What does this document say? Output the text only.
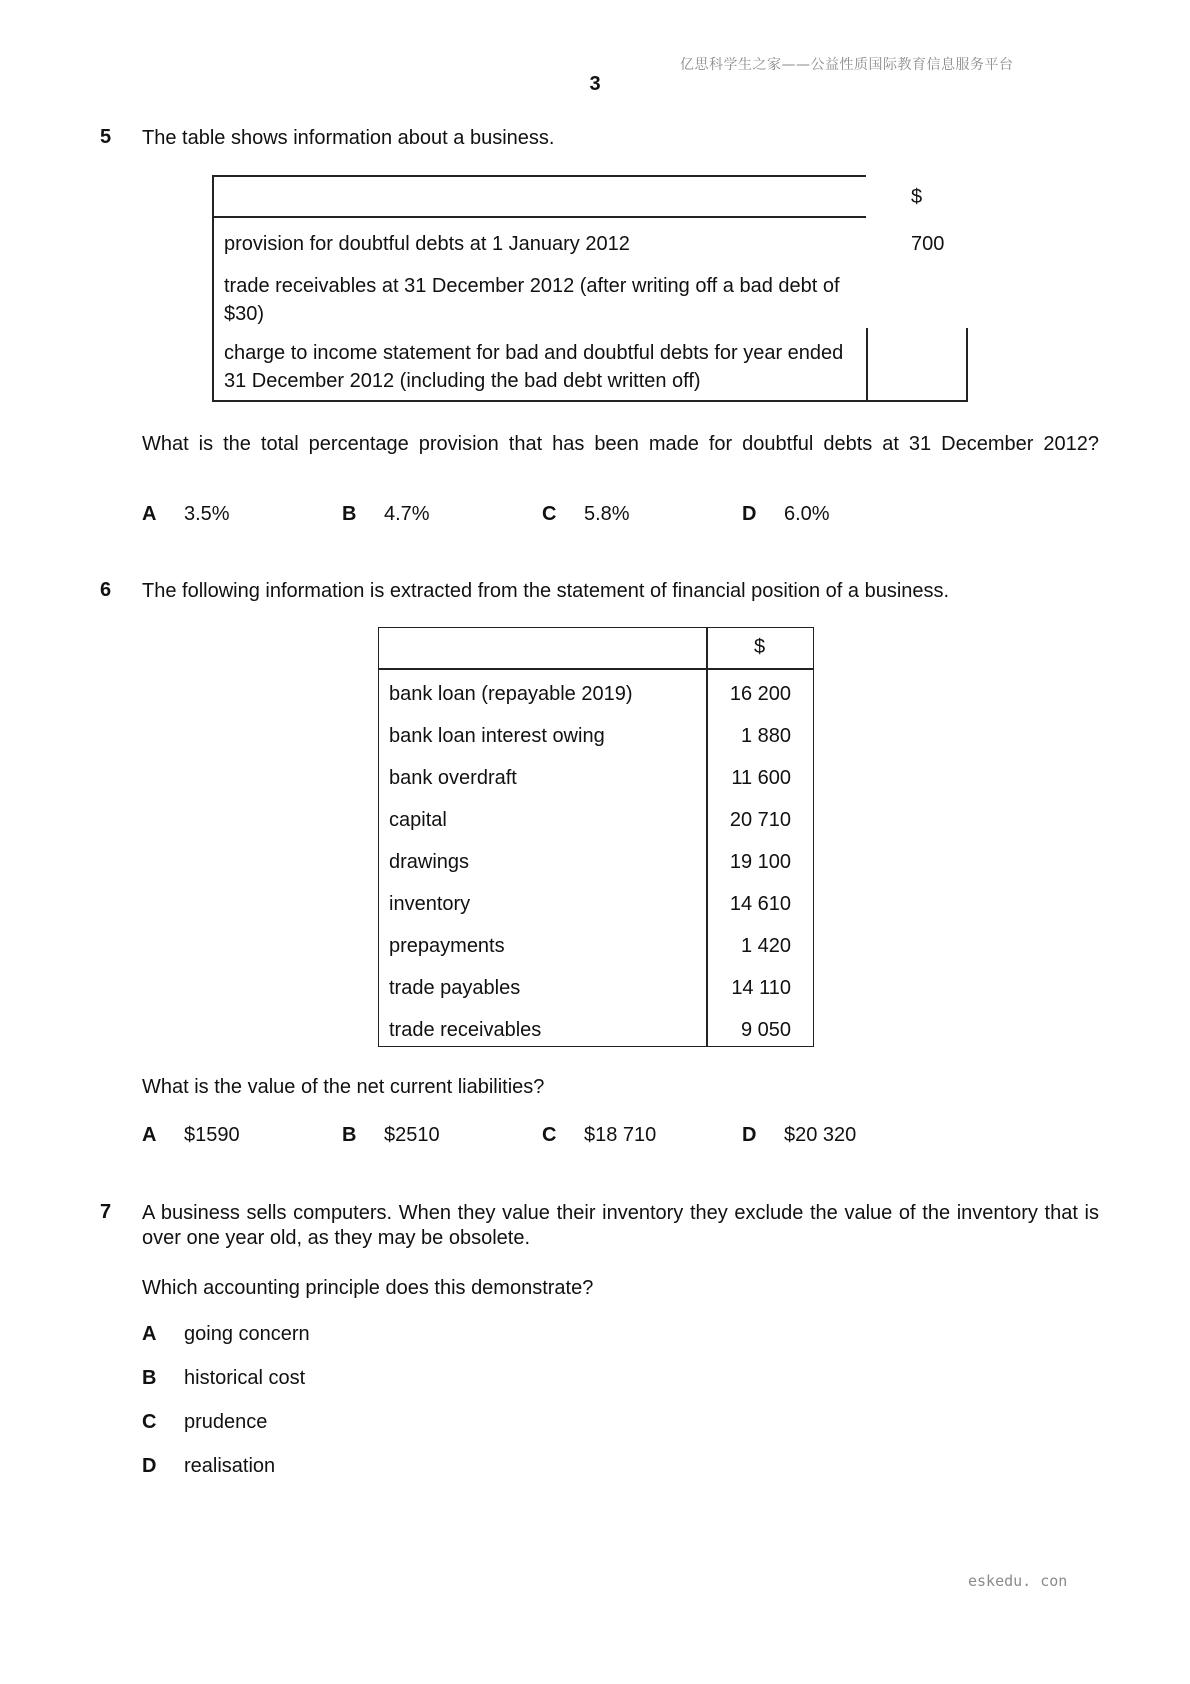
亿思科学生之家——公益性质国际教育信息服务平台
3
5 The table shows information about a business.
$
provision for doubtful debts at 1 January 2012	700
trade receivables at 31 December 2012 (after writing off a bad debt of $30)
charge to income statement for bad and doubtful debts for year ended 31 December 2012 (including the bad debt written off)
What is the total percentage provision that has been made for doubtful debts at 31 December 2012?
A 3.5%	B 4.7%	C 5.8%	D 6.0%
6 The following information is extracted from the statement of financial position of a business.
$
bank loan (repayable 2019)	16 200
bank loan interest owing	1 880
bank overdraft	11 600
capital	20 710
drawings	19 100
inventory	14 610
prepayments	1 420
trade payables	14 110
trade receivables	9 050
What is the value of the net current liabilities?
A $1590	B $2510	C $18 710	D $20 320
7 A business sells computers. When they value their inventory they exclude the value of the inventory that is over one year old, as they may be obsolete.
Which accounting principle does this demonstrate?
A going concern
B historical cost
C prudence
D realisation
eskedu. con
